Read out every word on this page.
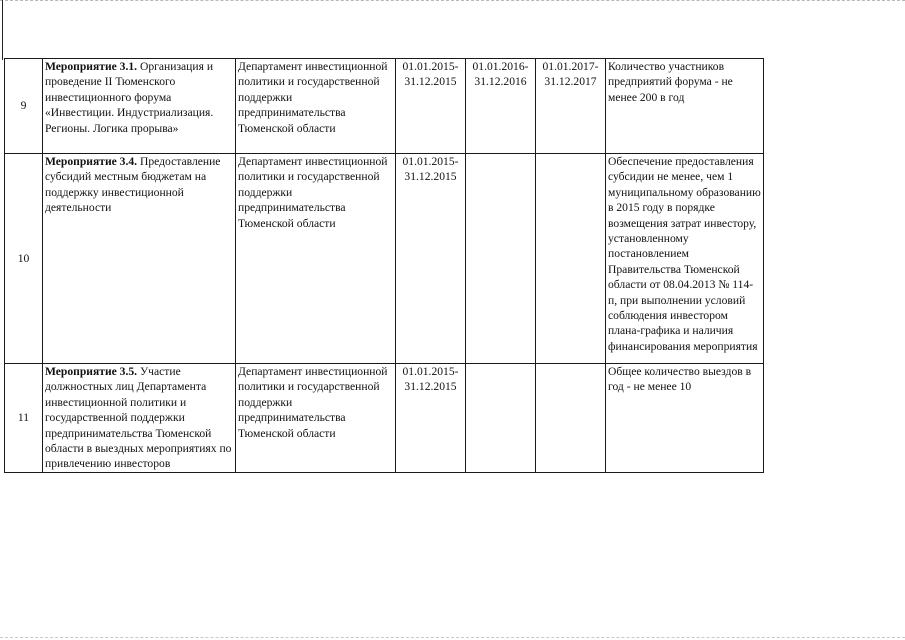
9	Мероприятие 3.1. Организация и проведение II Тюменского инвестиционного форума «Инвестиции. Индустриализация. Регионы. Логика прорыва»	Департамент инвестиционной политики и государственной поддержки предпринимательства Тюменской области	01.01.2015-31.12.2015	01.01.2016-31.12.2016	01.01.2017-31.12.2017	Количество участников предприятий форума - не менее 200 в год
10	Мероприятие 3.4. Предоставление субсидий местным бюджетам на поддержку инвестиционной деятельности	Департамент инвестиционной политики и государственной поддержки предпринимательства Тюменской области	01.01.2015-31.12.2015			Обеспечение предоставления субсидии не менее, чем 1 муниципальному образованию в 2015 году в порядке возмещения затрат инвестору, установленному постановлением Правительства Тюменской области от 08.04.2013 № 114-п, при выполнении условий соблюдения инвестором плана-графика и наличия финансирования мероприятия
11	Мероприятие 3.5. Участие должностных лиц Департамента инвестиционной политики и государственной поддержки предпринимательства Тюменской области в выездных мероприятиях по привлечению инвесторов	Департамент инвестиционной политики и государственной поддержки предпринимательства Тюменской области	01.01.2015-31.12.2015			Общее количество выездов в год - не менее 10
